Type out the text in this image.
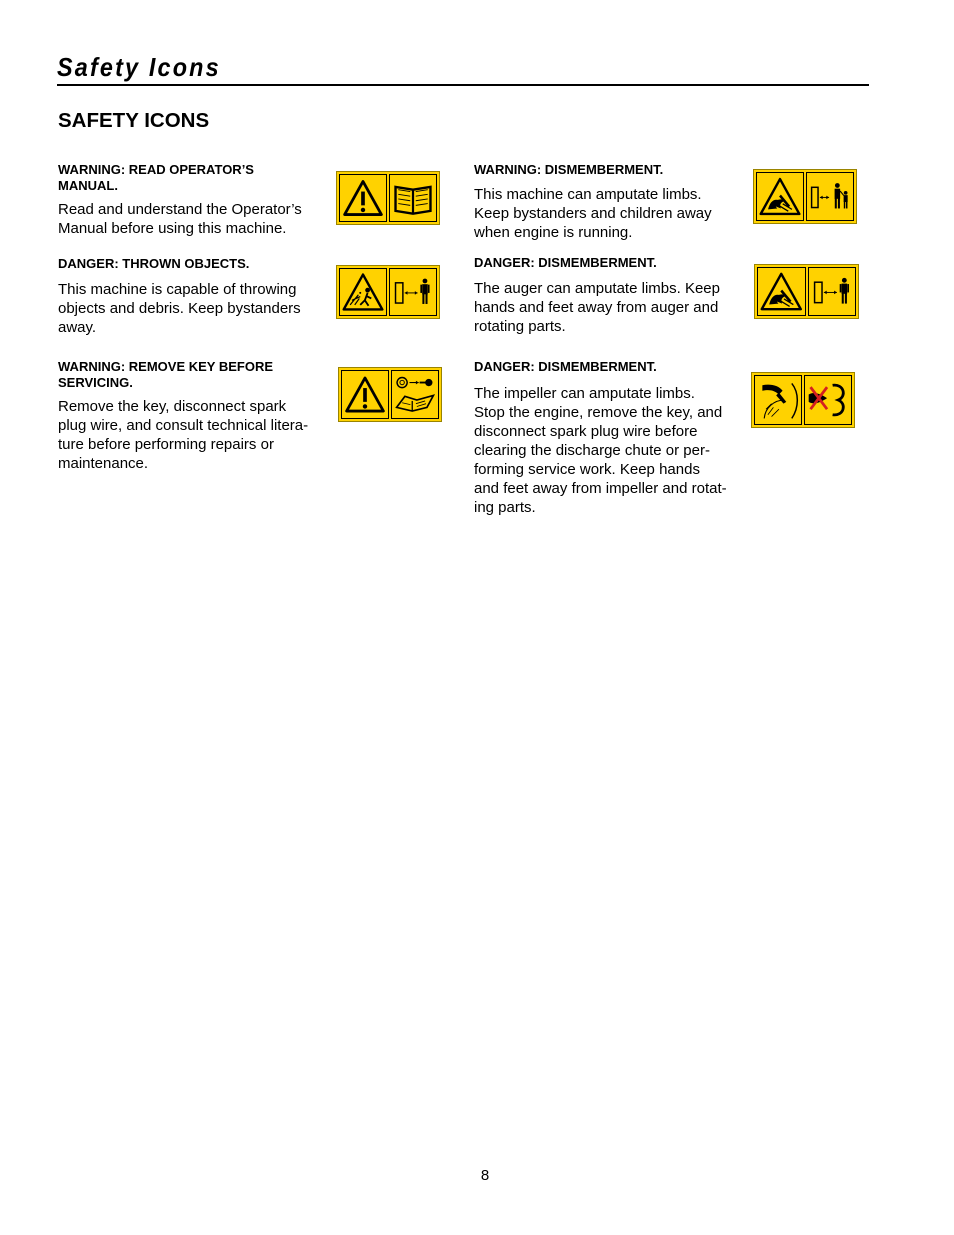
Safety Icons
SAFETY ICONS

WARNING: READ OPERATOR’S
MANUAL.

Read and understand the Operator’s
Manual before using this machine.

DANGER: THROWN OBJECTS.

This machine is capable of throwing
objects and debris. Keep bystanders
away.

WARNING: REMOVE KEY BEFORE
SERVICING.

Remove the key, disconnect spark
plug wire, and consult technical litera-
ture before performing repairs or
maintenance.

WARNING: DISMEMBERMENT.

This machine can amputate limbs.
Keep bystanders and children away
when engine is running.

DANGER: DISMEMBERMENT.

The auger can amputate limbs. Keep
hands and feet away from auger and
rotating parts.

DANGER: DISMEMBERMENT.

The impeller can amputate limbs.
Stop the engine, remove the key, and
disconnect spark plug wire before
clearing the discharge chute or per-
forming service work. Keep hands
and feet away from impeller and rotat-
ing parts.

8
